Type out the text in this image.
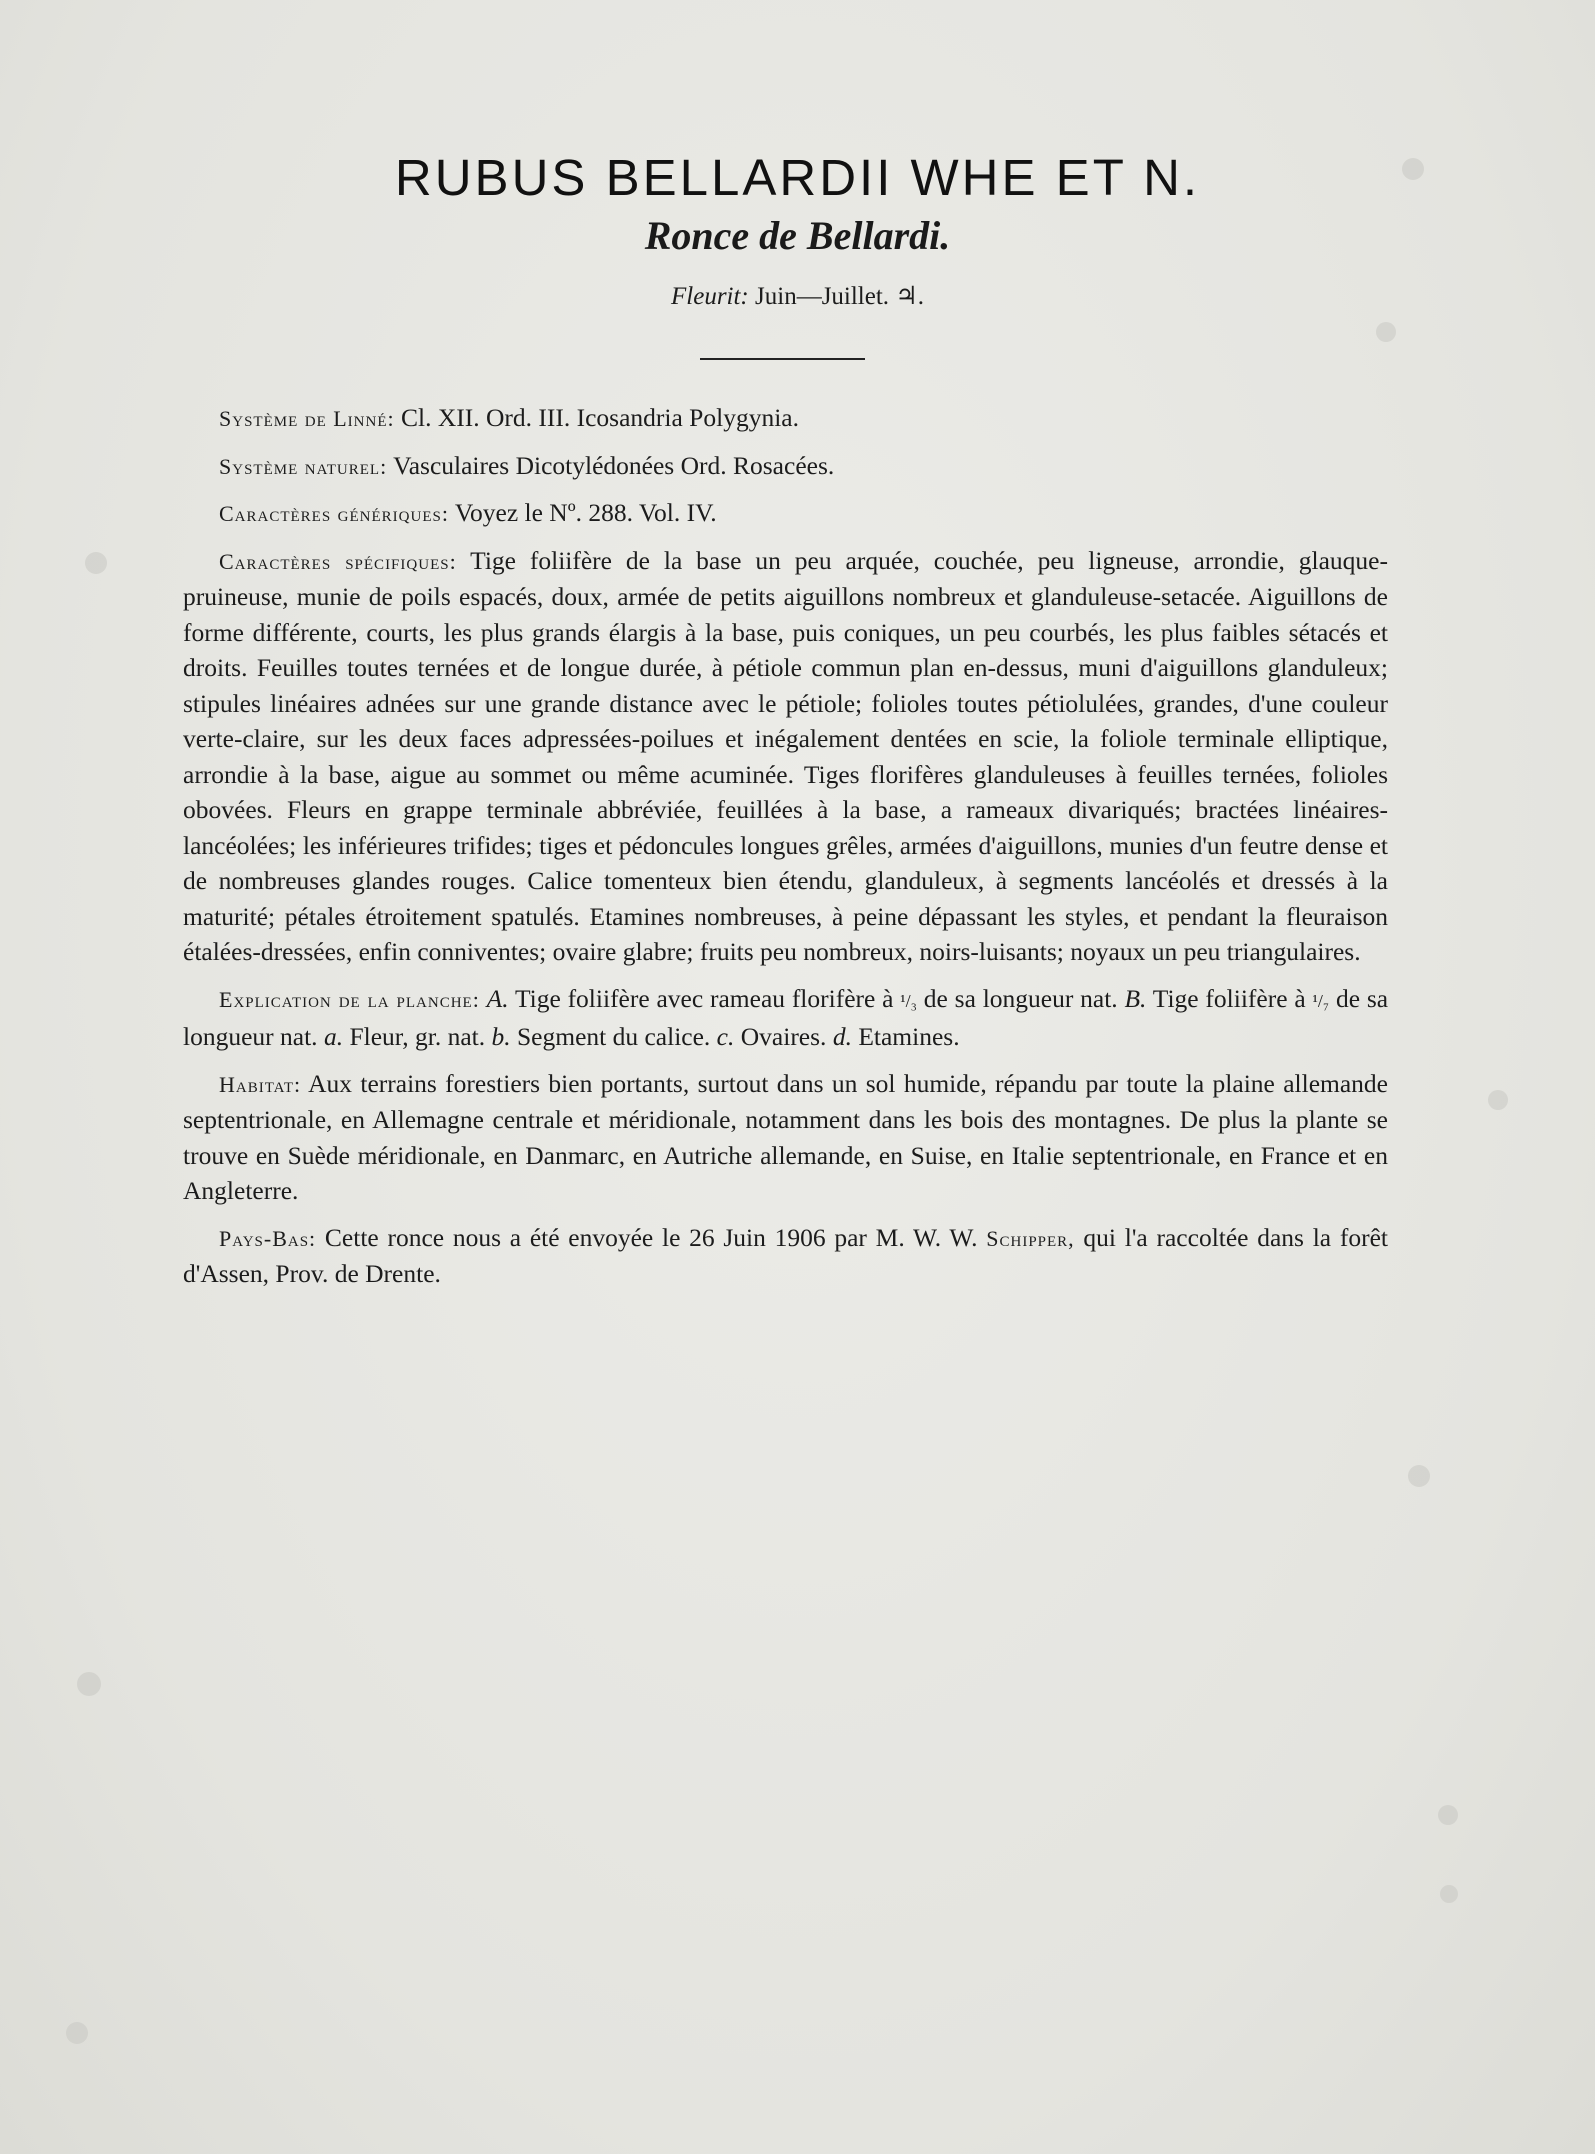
RUBUS BELLARDII WHE ET N.
Ronce de Bellardi.
Fleurit: Juin—Juillet. ♃.

Système de Linné: Cl. XII. Ord. III. Icosandria Polygynia.

Système naturel: Vasculaires Dicotylédonées Ord. Rosacées.

Caractères génériques: Voyez le Nº. 288. Vol. IV.

Caractères spécifiques: Tige foliifère de la base un peu arquée, couchée, peu ligneuse, arrondie, glauque-pruineuse, munie de poils espacés, doux, armée de petits aiguillons nombreux et glanduleuse-setacée. Aiguillons de forme différente, courts, les plus grands élargis à la base, puis coniques, un peu courbés, les plus faibles sétacés et droits. Feuilles toutes ternées et de longue durée, à pétiole commun plan en-dessus, muni d'aiguillons glanduleux; stipules linéaires adnées sur une grande distance avec le pétiole; folioles toutes pétiolulées, grandes, d'une couleur verte-claire, sur les deux faces adpressées-poilues et inégalement dentées en scie, la foliole terminale elliptique, arrondie à la base, aigue au sommet ou même acuminée. Tiges florifères glanduleuses à feuilles ternées, folioles obovées. Fleurs en grappe terminale abbréviée, feuillées à la base, a rameaux divariqués; bractées linéaires-lancéolées; les inférieures trifides; tiges et pédoncules longues grêles, armées d'aiguillons, munies d'un feutre dense et de nombreuses glandes rouges. Calice tomenteux bien étendu, glanduleux, à segments lancéolés et dressés à la maturité; pétales étroitement spatulés. Etamines nombreuses, à peine dépassant les styles, et pendant la fleuraison étalées-dressées, enfin conniventes; ovaire glabre; fruits peu nombreux, noirs-luisants; noyaux un peu triangulaires.

Explication de la planche: A. Tige foliifère avec rameau florifère à ¹/₃ de sa longueur nat. B. Tige foliifère à ¹/₇ de sa longueur nat. a. Fleur, gr. nat. b. Segment du calice. c. Ovaires. d. Etamines.

Habitat: Aux terrains forestiers bien portants, surtout dans un sol humide, répandu par toute la plaine allemande septentrionale, en Allemagne centrale et méridionale, notamment dans les bois des montagnes. De plus la plante se trouve en Suède méridionale, en Danmarc, en Autriche allemande, en Suise, en Italie septentrionale, en France et en Angleterre.

Pays-Bas: Cette ronce nous a été envoyée le 26 Juin 1906 par M. W. W. Schipper, qui l'a raccoltée dans la forêt d'Assen, Prov. de Drente.
